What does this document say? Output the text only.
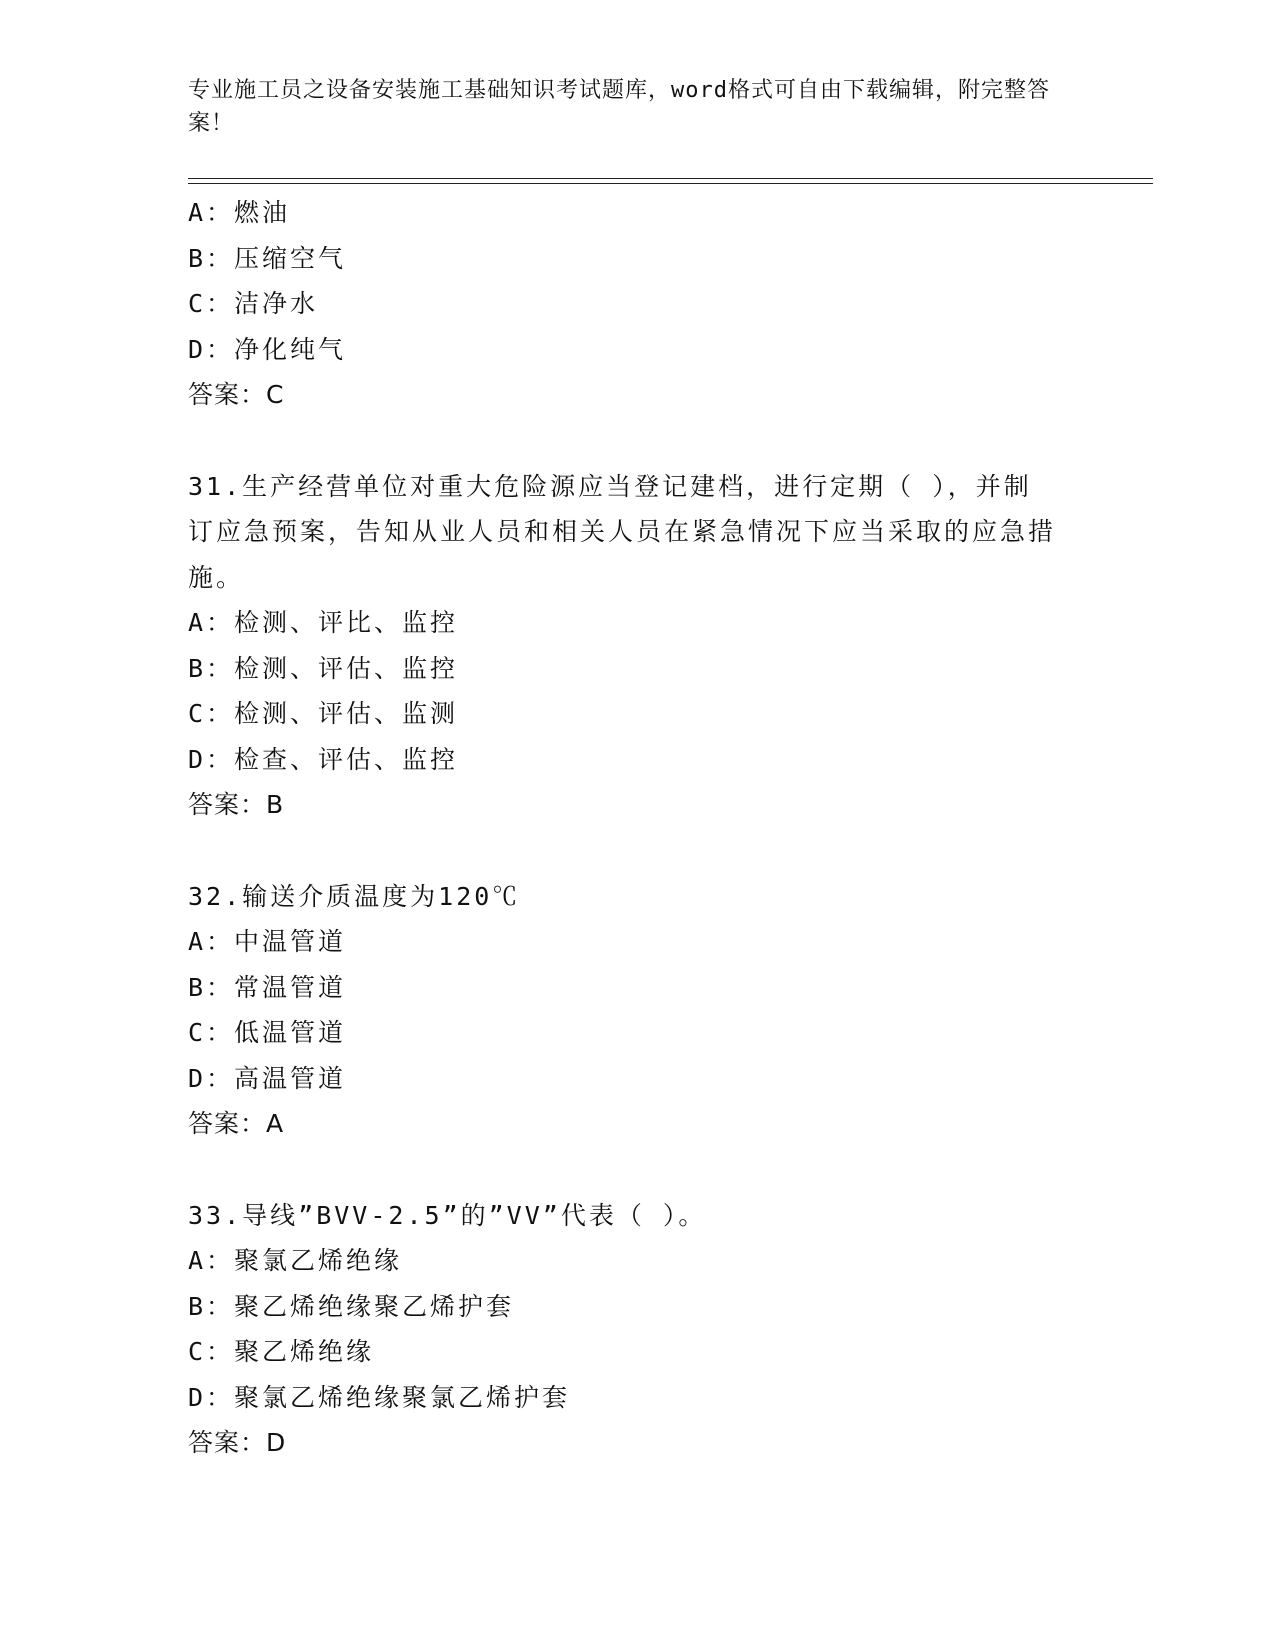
专业施工员之设备安装施工基础知识考试题库，word格式可自由下载编辑，附完整答案！
A：燃油
B：压缩空气
C：洁净水
D：净化纯气
答案：C
31.生产经营单位对重大危险源应当登记建档，进行定期（ ），并制订应急预案，告知从业人员和相关人员在紧急情况下应当采取的应急措施。
A：检测、评比、监控
B：检测、评估、监控
C：检测、评估、监测
D：检查、评估、监控
答案：B
32.输送介质温度为120℃
A：中温管道
B：常温管道
C：低温管道
D：高温管道
答案：A
33.导线”BVV-2.5”的”VV”代表（ ）。
A：聚氯乙烯绝缘
B：聚乙烯绝缘聚乙烯护套
C：聚乙烯绝缘
D：聚氯乙烯绝缘聚氯乙烯护套
答案：D
